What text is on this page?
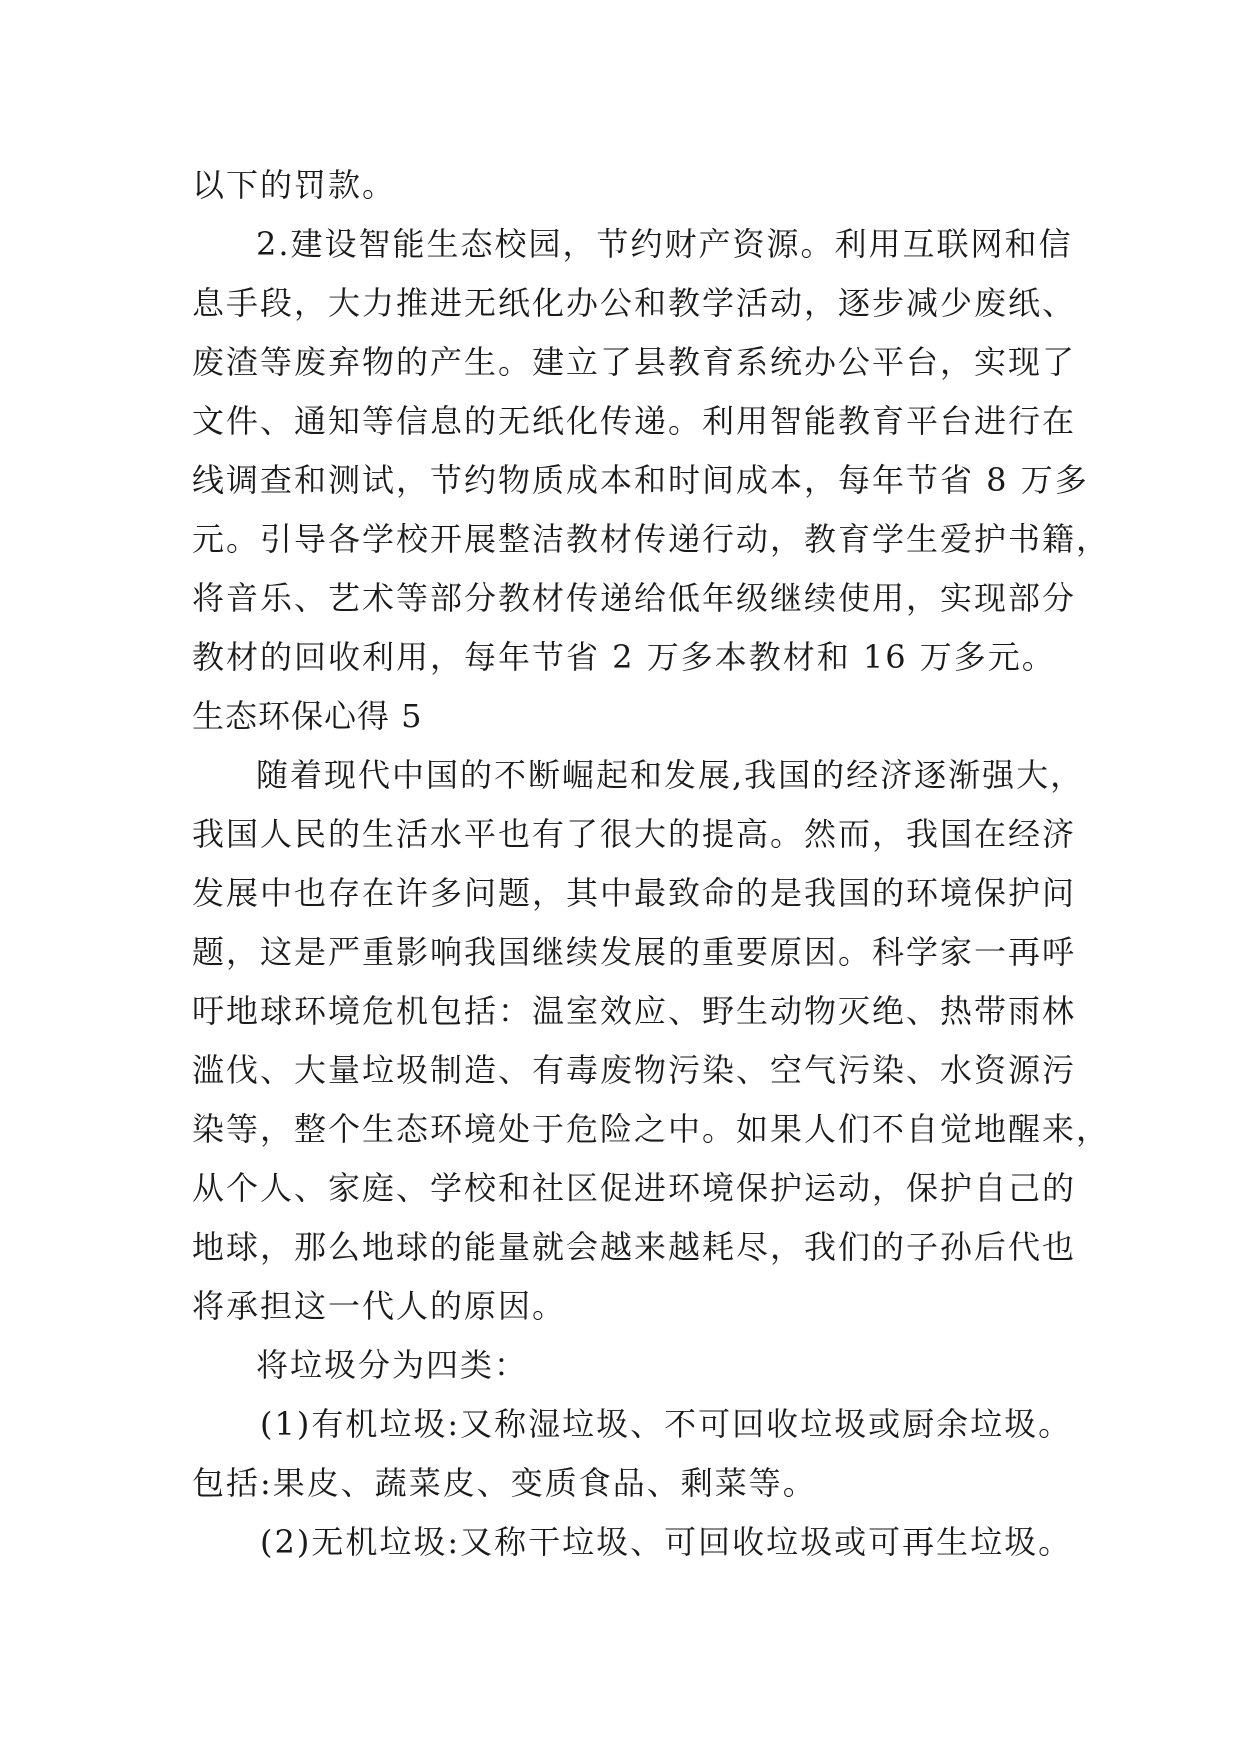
以下的罚款。
2.建设智能生态校园，节约财产资源。利用互联网和信
息手段，大力推进无纸化办公和教学活动，逐步减少废纸、
废渣等废弃物的产生。建立了县教育系统办公平台，实现了
文件、通知等信息的无纸化传递。利用智能教育平台进行在
线调查和测试，节约物质成本和时间成本，每年节省 8 万多
元。引导各学校开展整洁教材传递行动，教育学生爱护书籍，
将音乐、艺术等部分教材传递给低年级继续使用，实现部分
教材的回收利用，每年节省 2 万多本教材和 16 万多元。
生态环保心得 5
随着现代中国的不断崛起和发展,我国的经济逐渐强大，
我国人民的生活水平也有了很大的提高。然而，我国在经济
发展中也存在许多问题，其中最致命的是我国的环境保护问
题，这是严重影响我国继续发展的重要原因。科学家一再呼
吁地球环境危机包括：温室效应、野生动物灭绝、热带雨林
滥伐、大量垃圾制造、有毒废物污染、空气污染、水资源污
染等，整个生态环境处于危险之中。如果人们不自觉地醒来，
从个人、家庭、学校和社区促进环境保护运动，保护自己的
地球，那么地球的能量就会越来越耗尽，我们的子孙后代也
将承担这一代人的原因。
将垃圾分为四类：
(1)有机垃圾:又称湿垃圾、不可回收垃圾或厨余垃圾。
包括:果皮、蔬菜皮、变质食品、剩菜等。
(2)无机垃圾:又称干垃圾、可回收垃圾或可再生垃圾。
